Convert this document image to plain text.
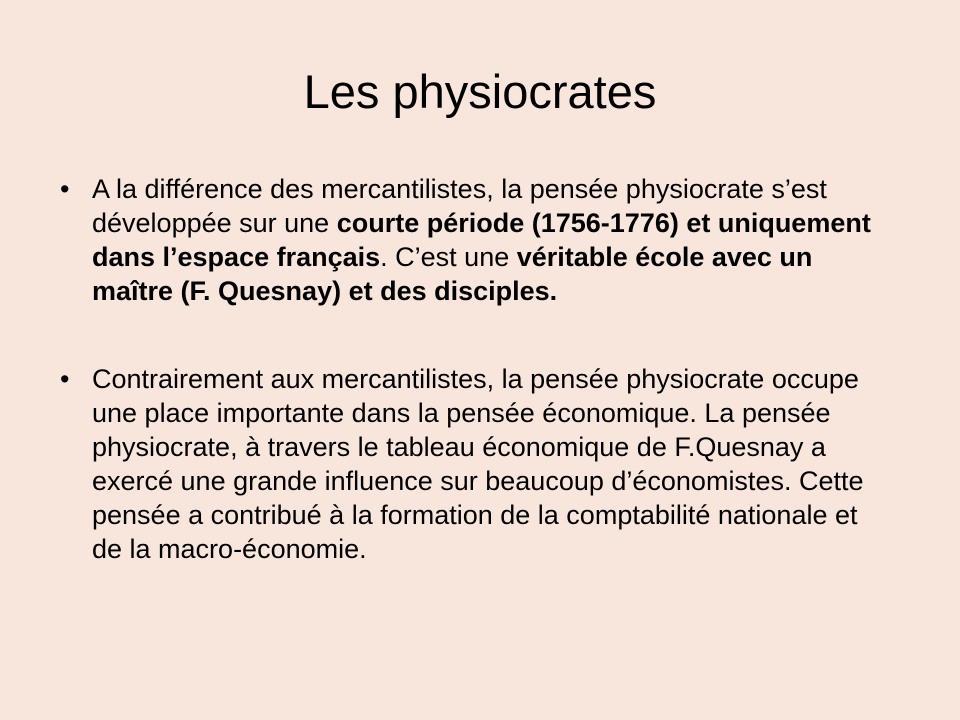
Les physiocrates
• A la différence des mercantilistes, la pensée physiocrate s’est développée sur une courte période (1756-1776) et uniquement dans l’espace français. C’est une véritable école avec un maître (F. Quesnay) et des disciples.
• Contrairement aux mercantilistes, la pensée physiocrate occupe une place importante dans la pensée économique. La pensée physiocrate, à travers le tableau économique de F.Quesnay a exercé une grande influence sur beaucoup d’économistes. Cette pensée a contribué à la formation de la comptabilité nationale et de la macro-économie.
